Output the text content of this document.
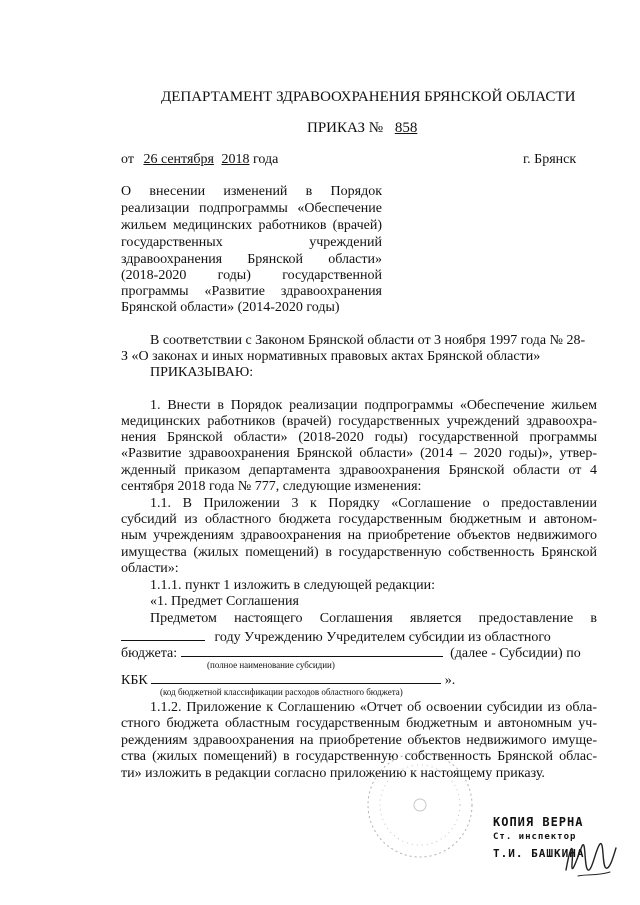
ДЕПАРТАМЕНТ ЗДРАВООХРАНЕНИЯ БРЯНСКОЙ ОБЛАСТИ
ПРИКАЗ № 858
от 26 сентября 2018 года	г. Брянск
О внесении изменений в Порядок
реализации подпрограммы «Обеспечение
жильем медицинских работников (врачей)
государственных учреждений
здравоохранения Брянской области»
(2018-2020 годы) государственной
программы «Развитие здравоохранения
Брянской области» (2014-2020 годы)
В соответствии с Законом Брянской области от 3 ноября 1997 года № 28-
З «О законах и иных нормативных правовых актах Брянской области»
ПРИКАЗЫВАЮ:
1. Внести в Порядок реализации подпрограммы «Обеспечение жильем
медицинских работников (врачей) государственных учреждений здравоохра-
нения Брянской области» (2018-2020 годы) государственной программы
«Развитие здравоохранения Брянской области» (2014 – 2020 годы)», утвер-
жденный приказом департамента здравоохранения Брянской области от 4
сентября 2018 года № 777, следующие изменения:
1.1. В Приложении 3 к Порядку «Соглашение о предоставлении
субсидий из областного бюджета государственным бюджетным и автоном-
ным учреждениям здравоохранения на приобретение объектов недвижимого
имущества (жилых помещений) в государственную собственность Брянской
области»:
1.1.1. пункт 1 изложить в следующей редакции:
«1. Предмет Соглашения
Предметом настоящего Соглашения является предоставление в
году Учреждению Учредителем субсидии из областного
бюджета:	(далее - Субсидии) по
(полное наименование субсидии)
КБК	».
(код бюджетной классификации расходов областного бюджета)
1.1.2. Приложение к Соглашению «Отчет об освоении субсидии из обла-
стного бюджета областным государственным бюджетным и автономным уч-
реждениям здравоохранения на приобретение объектов недвижимого имуще-
ства (жилых помещений) в государственную собственность Брянской облас-
ти» изложить в редакции согласно приложению к настоящему приказу.
КОПИЯ ВЕРНА
Ст. инспектор
Т.И. БАШКИНА
